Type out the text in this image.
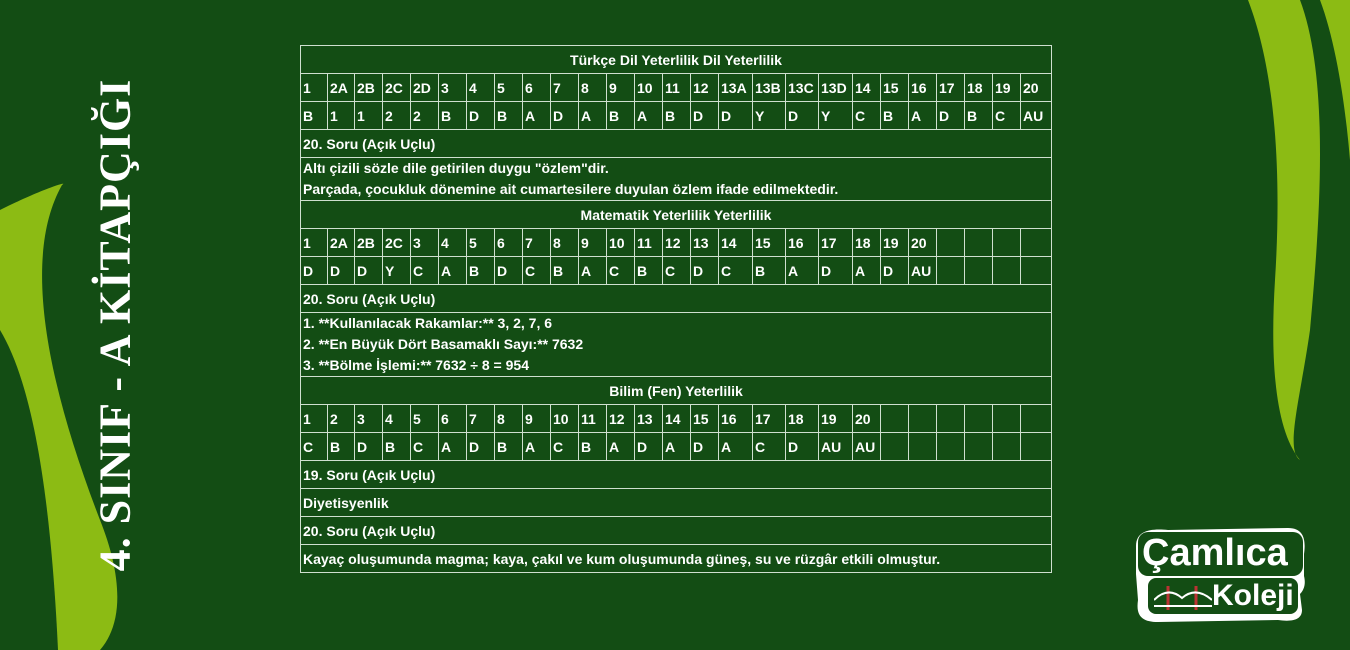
4. SINIF - A KİTAPÇIĞI
Türkçe Dil Yeterlilik Dil Yeterlilik																									
1	2A	2B	2C	2D	3	4	5	6	7	8	9	10	11	12	13A	13B	13C	13D	14	15	16	17	18	19	20
B	1	1	2	2	B	D	B	A	D	A	B	A	B	D	D	Y	D	Y	C	B	A	D	B	C	AU
20. Soru (Açık Uçlu)																									

Altı çizili sözle dile getirilen duygu "özlem"dir.
Parçada, çocukluk dönemine ait cumartesilere duyulan özlem ifade edilmektedir.																									

Matematik Yeterlilik Yeterlilik																									
1	2A	2B	2C	3	4	5	6	7	8	9	10	11	12	13	14	15	16	17	18	19	20				
D	D	D	Y	C	A	B	D	C	B	A	C	B	C	D	C	B	A	D	A	D	AU				
20. Soru (Açık Uçlu)																									

1. **Kullanılacak Rakamlar:** 3, 2, 7, 6
2. **En Büyük Dört Basamaklı Sayı:** 7632
3. **Bölme İşlemi:** 7632 ÷ 8 = 954																									

Bilim (Fen) Yeterlilik																									
1	2	3	4	5	6	7	8	9	10	11	12	13	14	15	16	17	18	19	20						
C	B	D	B	C	A	D	B	A	C	B	A	D	A	D	A	C	D	AU	AU						
19. Soru (Açık Uçlu)																									
Diyetisyenlik																									
20. Soru (Açık Uçlu)																									
Kayaç oluşumunda magma; kaya, çakıl ve kum oluşumunda güneş, su ve rüzgâr etkili olmuştur.																										Çamlıca
Koleji
